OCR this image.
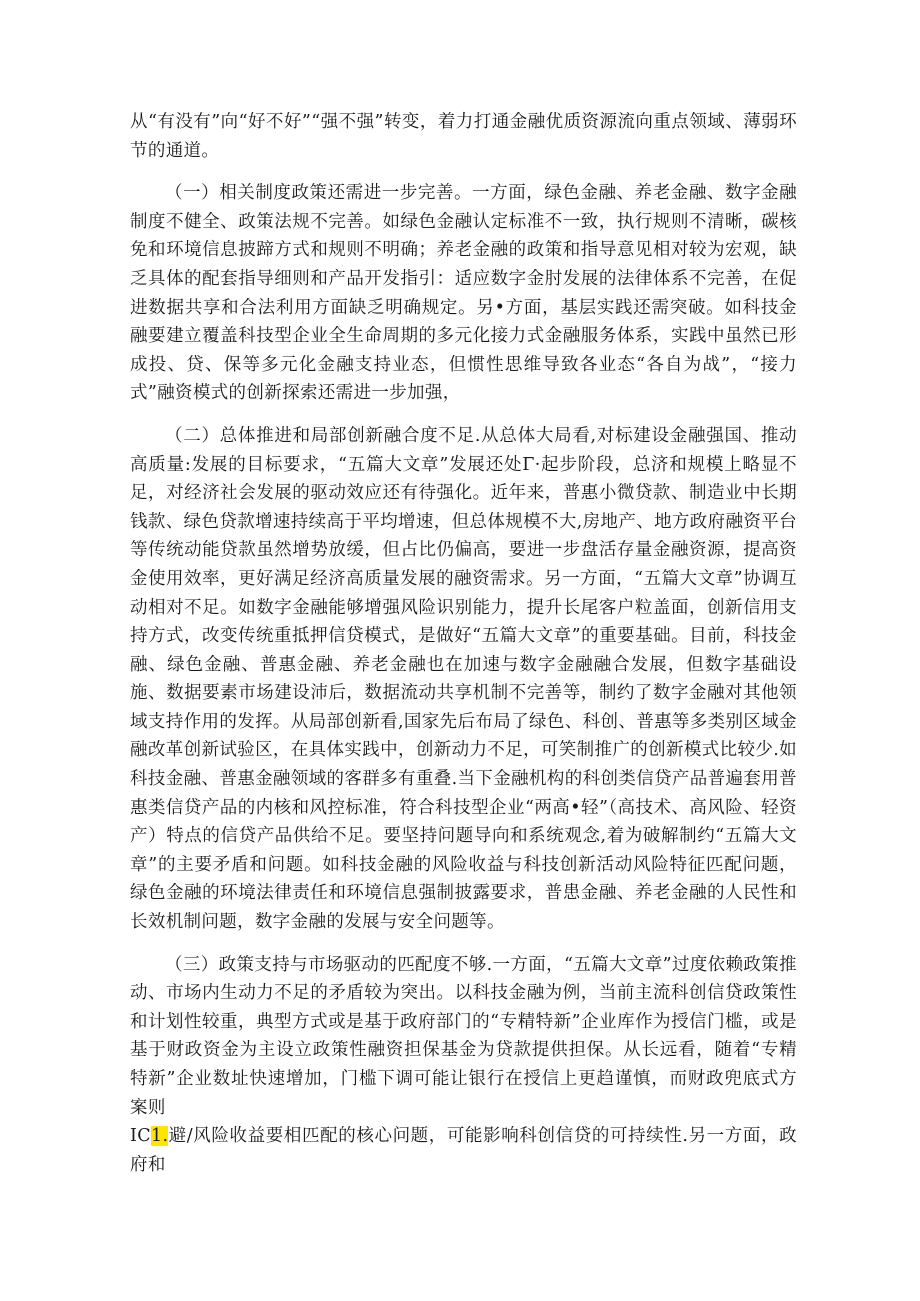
从“有没有”向“好不好”“强不强”转变，着力打通金融优质资源流向重点领域、薄弱环节的通道。

（一）相关制度政策还需进一步完善。一方面，绿色金融、养老金融、数字金融制度不健全、政策法规不完善。如绿色金融认定标准不一致，执行规则不清晰，碳核免和环境信息披蹄方式和规则不明确；养老金融的政策和指导意见相对较为宏观，缺乏具体的配套指导细则和产品开发指引：适应数字金肘发展的法律体系不完善，在促进数据共享和合法利用方面缺乏明确规定。另•方面，基层实践还需突破。如科技金融要建立覆盖科技型企业全生命周期的多元化接力式金融服务体系，实践中虽然已形成投、贷、保等多元化金融支持业态，但惯性思维导致各业态“各自为战”，“接力式”融资模式的创新探索还需进一步加强，

（二）总体推进和局部创新融合度不足.从总体大局看,对标建设金融强国、推动高质量:发展的目标要求，“五篇大文章”发展还处Γ·起步阶段，总济和规模上略显不足，对经济社会发展的驱动效应还有待强化。近年来，普惠小微贷款、制造业中长期钱款、绿色贷款增速持续高于平均增速，但总体规模不大,房地产、地方政府融资平台等传统动能贷款虽然增势放缓，但占比仍偏高，要进一步盘活存量金融资源，提高资金使用效率，更好满足经济高质量发展的融资需求。另一方面，“五篇大文章”协调互动相对不足。如数字金融能够增强风险识别能力，提升长尾客户粒盖面，创新信用支持方式，改变传统重抵押信贷模式，是做好“五篇大文章”的重要基础。目前，科技金融、绿色金融、普惠金融、养老金融也在加速与数字金融融合发展，但数字基础设施、数据要素市场建设沛后，数据流动共享机制不完善等，制约了数字金融对其他领域支持作用的发挥。从局部创新看,国家先后布局了绿色、科创、普惠等多类别区域金融改革创新试验区，在具体实践中，创新动力不足，可笑制推广的创新模式比较少.如科技金融、普惠金融领域的客群多有重叠.当下金融机构的科创类信贷产品普遍套用普惠类信贷产品的内核和风控标准，符合科技型企业“两高•轻”（高技术、高风险、轻资产）特点的信贷产品供给不足。要坚持问题导向和系统观念,着为破解制约“五篇大文章”的主要矛盾和问题。如科技金融的风险收益与科技创新活动风险特征匹配问题，绿色金融的环境法律责任和环境信息强制披露要求，普患金融、养老金融的人民性和长效机制问题，数字金融的发展与安全问题等。

（三）政策支持与市场驱动的匹配度不够.一方面，“五篇大文章”过度依赖政策推动、市场内生动力不足的矛盾较为突出。以科技金融为例，当前主流科创信贷政策性和计划性较重，典型方式或是基于政府部门的“专精特新”企业库作为授信门槛，或是基于财政资金为主设立政策性融资担保基金为贷款提供担保。从长远看，随着“专精特新”企业数址快速增加，门槛下调可能让银行在授信上更趋谨慎，而财政兜底式方案则

IC1.避/风险收益要相匹配的核心问题，可能影响科创信贷的可持续性.另一方面，政府和
